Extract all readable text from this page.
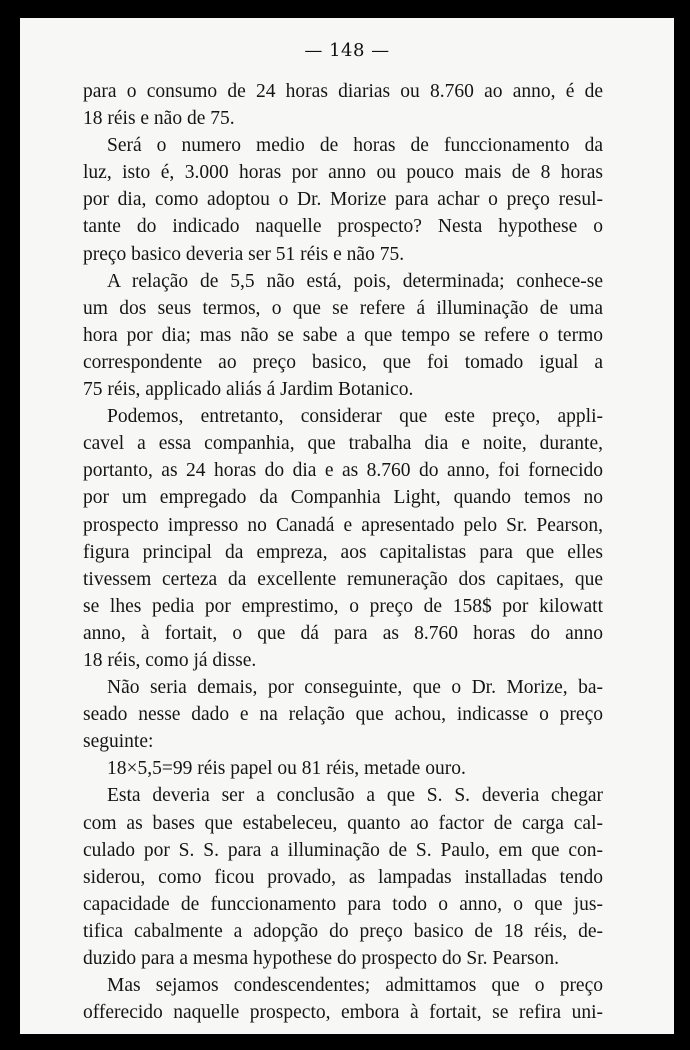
— 148 —
para o consumo de 24 horas diarias ou 8.760 ao anno, é de
18 réis e não de 75.
Será o numero medio de horas de funccionamento da
luz, isto é, 3.000 horas por anno ou pouco mais de 8 horas
por dia, como adoptou o Dr. Morize para achar o preço resul-
tante do indicado naquelle prospecto? Nesta hypothese o
preço basico deveria ser 51 réis e não 75.
A relação de 5,5 não está, pois, determinada; conhece-se
um dos seus termos, o que se refere á illuminação de uma
hora por dia; mas não se sabe a que tempo se refere o termo
correspondente ao preço basico, que foi tomado igual a
75 réis, applicado aliás á Jardim Botanico.
Podemos, entretanto, considerar que este preço, appli-
cavel a essa companhia, que trabalha dia e noite, durante,
portanto, as 24 horas do dia e as 8.760 do anno, foi fornecido
por um empregado da Companhia Light, quando temos no
prospecto impresso no Canadá e apresentado pelo Sr. Pearson,
figura principal da empreza, aos capitalistas para que elles
tivessem certeza da excellente remuneração dos capitaes, que
se lhes pedia por emprestimo, o preço de 158$ por kilowatt
anno, à fortait, o que dá para as 8.760 horas do anno
18 réis, como já disse.
Não seria demais, por conseguinte, que o Dr. Morize, ba-
seado nesse dado e na relação que achou, indicasse o preço
seguinte:
18×5,5=99 réis papel ou 81 réis, metade ouro.
Esta deveria ser a conclusão a que S. S. deveria chegar
com as bases que estabeleceu, quanto ao factor de carga cal-
culado por S. S. para a illuminação de S. Paulo, em que con-
siderou, como ficou provado, as lampadas installadas tendo
capacidade de funccionamento para todo o anno, o que jus-
tifica cabalmente a adopção do preço basico de 18 réis, de-
duzido para a mesma hypothese do prospecto do Sr. Pearson.
Mas sejamos condescendentes; admittamos que o preço
offerecido naquelle prospecto, embora à fortait, se refira uni-
